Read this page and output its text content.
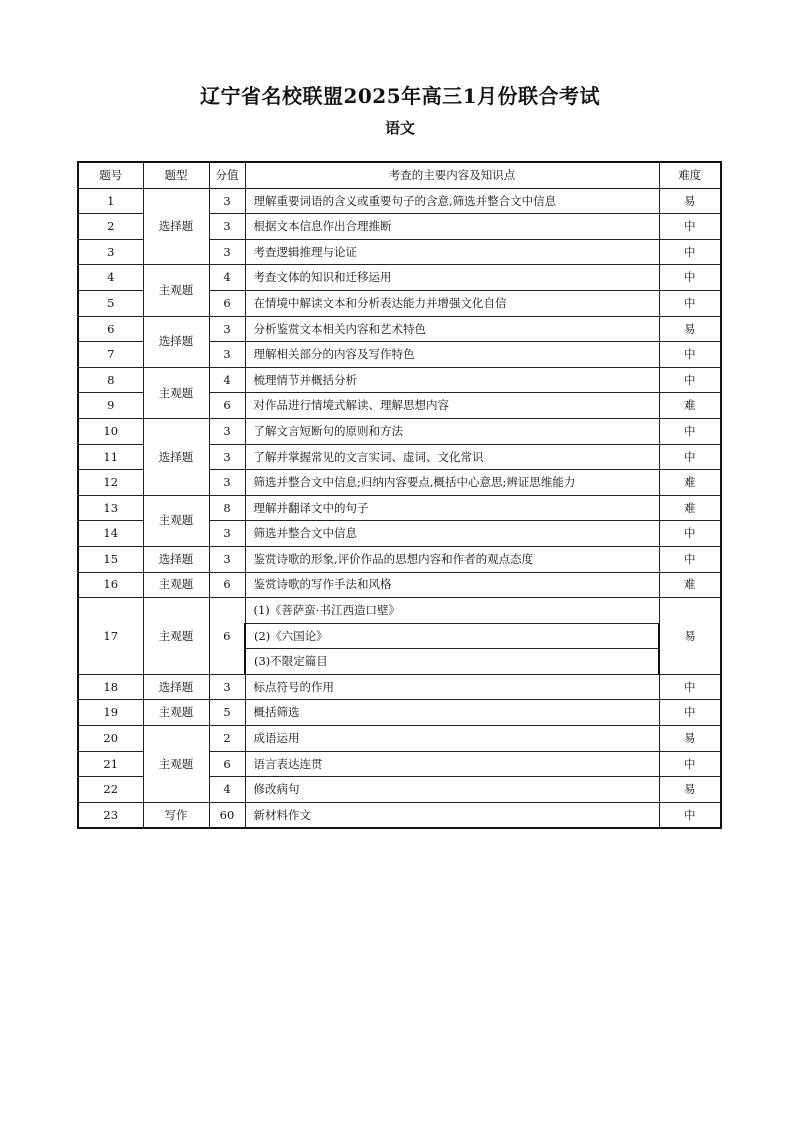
辽宁省名校联盟2025年高三1月份联合考试
语文
题号	题型	分值	考查的主要内容及知识点	难度
1	选择题	3	理解重要词语的含义或重要句子的含意,筛选并整合文中信息	易
2		3	根据文本信息作出合理推断	中
3		3	考查逻辑推理与论证	中
4	主观题	4	考查文体的知识和迁移运用	中
5		6	在情境中解读文本和分析表达能力并增强文化自信	中
6	选择题	3	分析鉴赏文本相关内容和艺术特色	易
7		3	理解相关部分的内容及写作特色	中
8	主观题	4	梳理情节并概括分析	中
9		6	对作品进行情境式解读、理解思想内容	难
10	选择题	3	了解文言短断句的原则和方法	中
11		3	了解并掌握常见的文言实词、虚词、文化常识	中
12		3	筛选并整合文中信息;归纳内容要点,概括中心意思;辨证思维能力	难
13	主观题	8	理解并翻译文中的句子	难
14		3	筛选并整合文中信息	中
15	选择题	3	鉴赏诗歌的形象,评价作品的思想内容和作者的观点态度	中
16	主观题	6	鉴赏诗歌的写作手法和风格	难
17	主观题	6	(1)《菩萨蛮·书江西造口壁》	易
			(2)《六国论》	
			(3)不限定篇目	
18	选择题	3	标点符号的作用	中
19	主观题	5	概括筛选	中
20	主观题	2	成语运用	易
21		6	语言表达连贯	中
22		4	修改病句	易
23	写作	60	新材料作文	中
